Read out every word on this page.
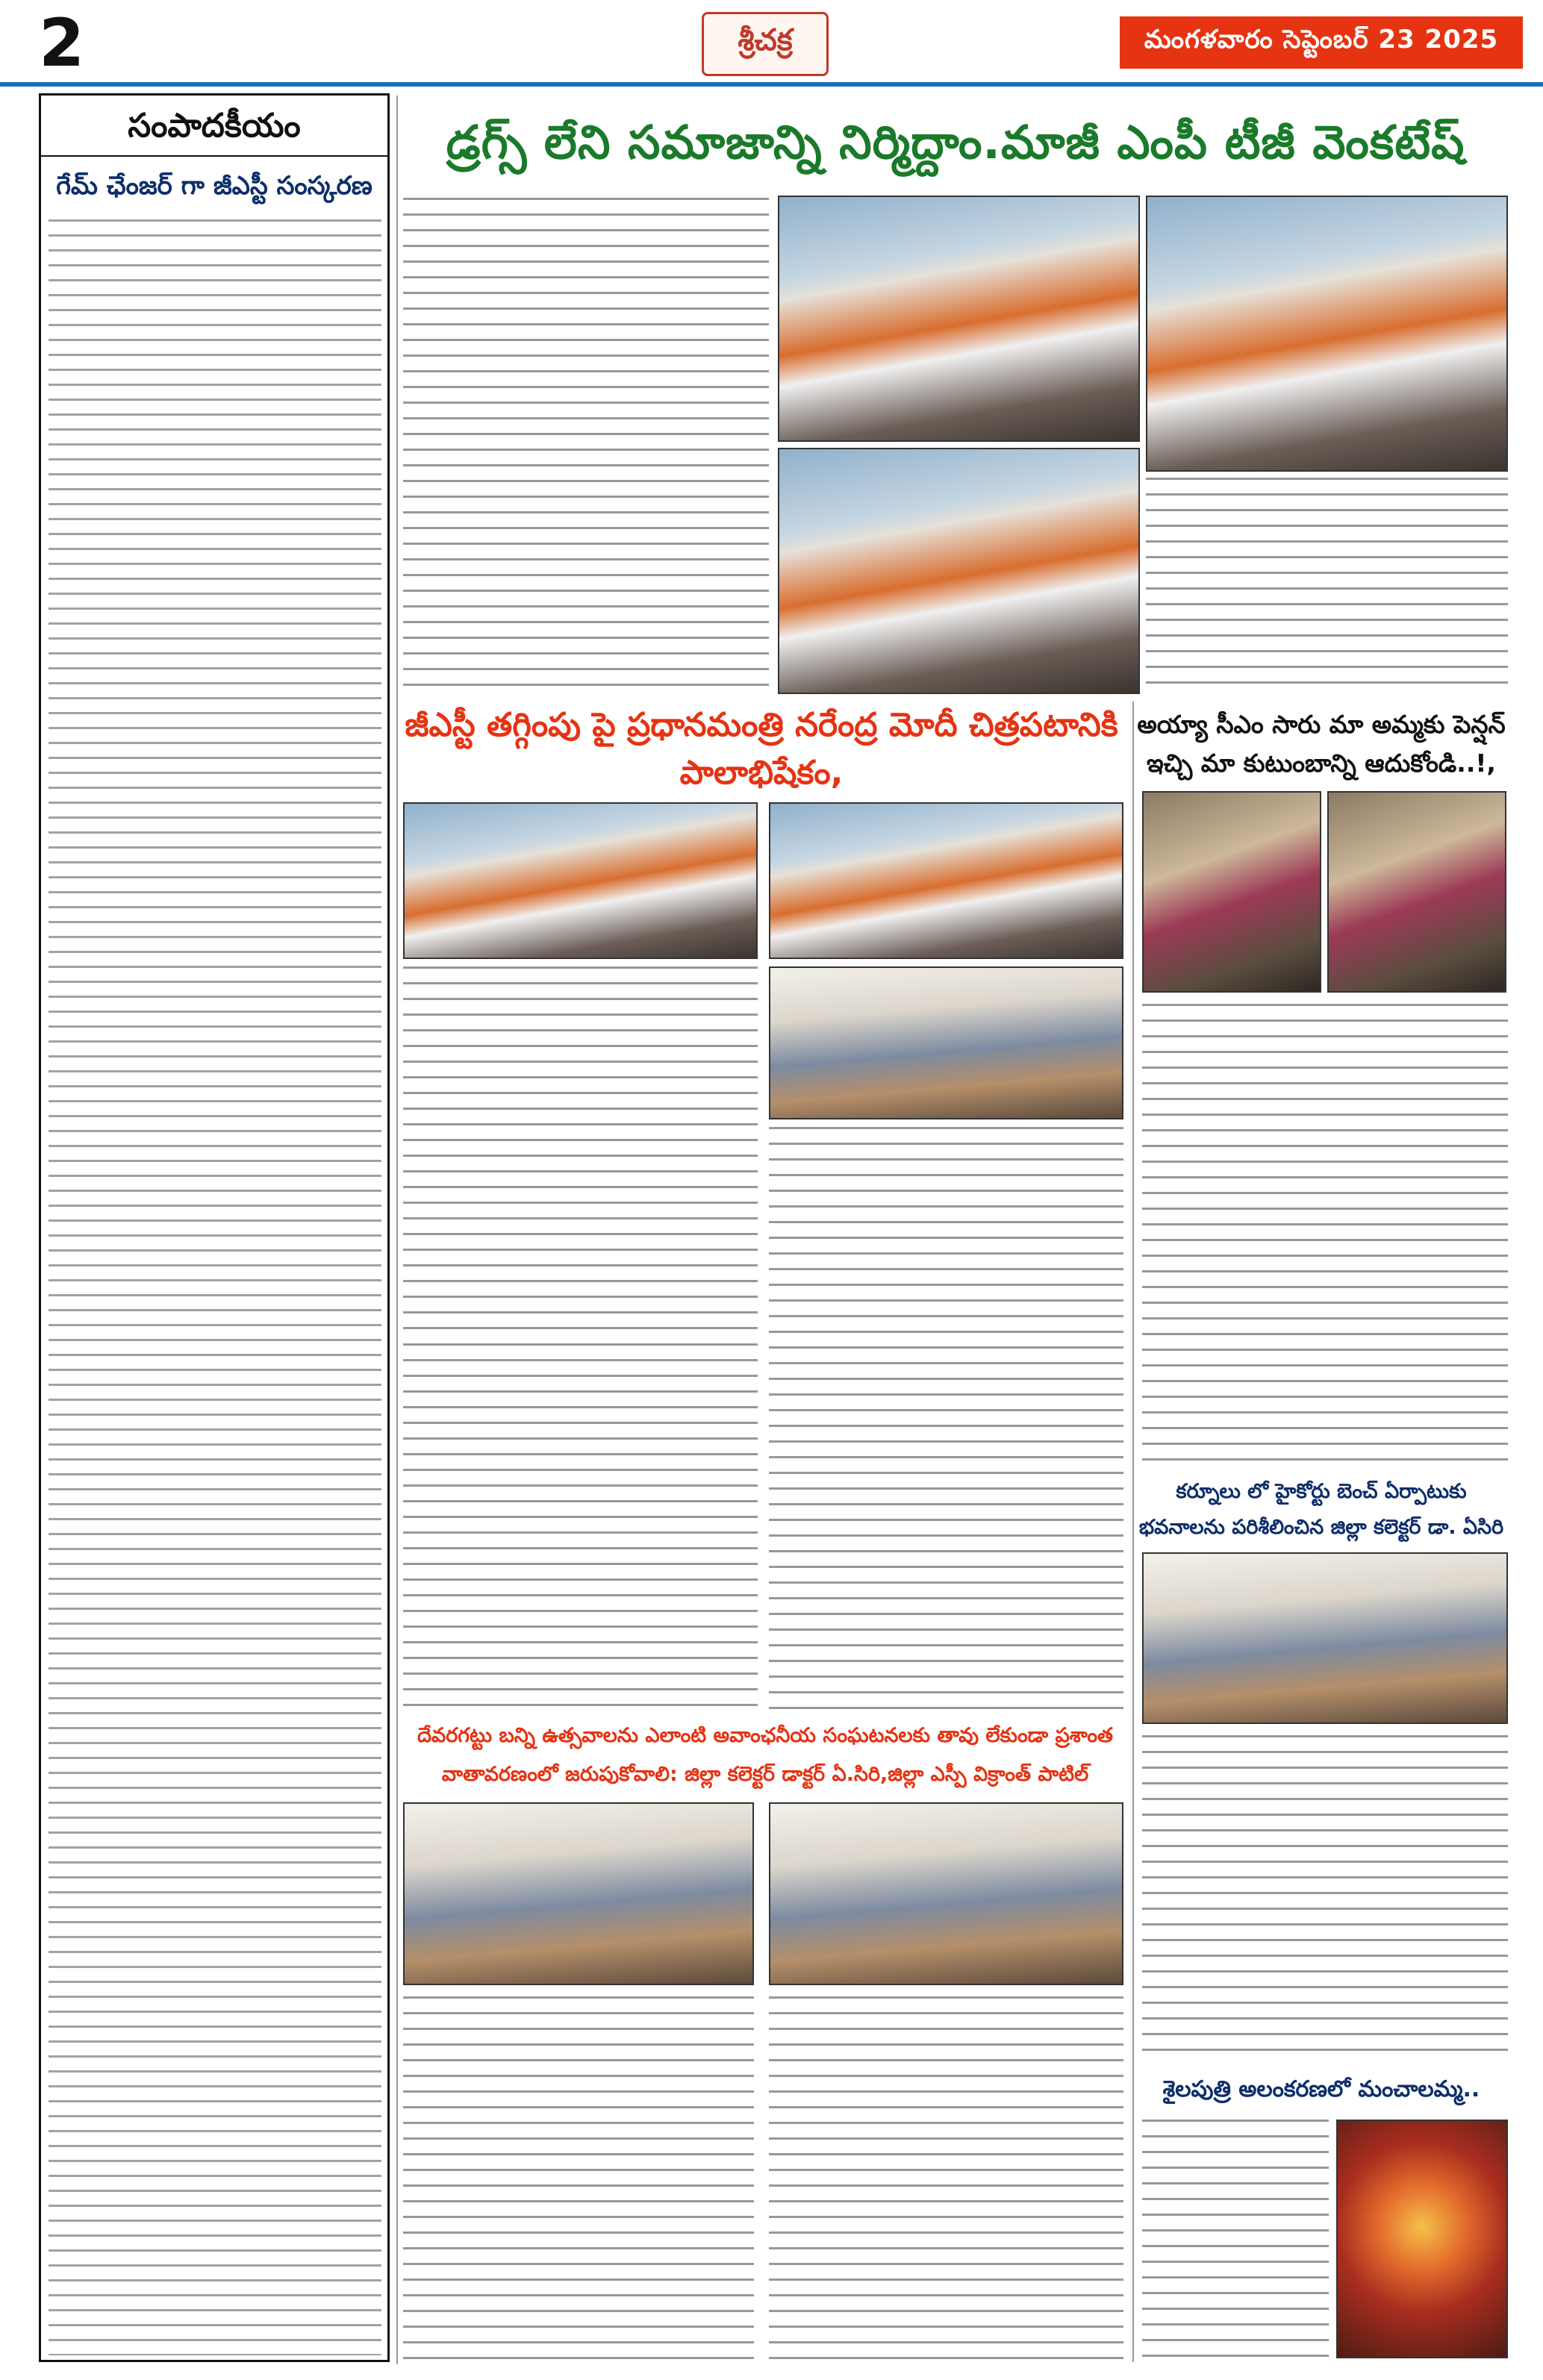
2	శ్రీచక్ర	మంగళవారం సెప్టెంబర్ 23 2025
సంపాదకీయం
గేమ్ ఛేంజర్ గా జీఎస్టీ సంస్కరణ
డ్రగ్స్ లేని సమాజాన్ని నిర్మిద్దాం.మాజీ ఎంపీ టీజీ వెంకటేష్
జీఎస్టీ తగ్గింపు పై ప్రధానమంత్రి నరేంద్ర మోదీ చిత్రపటానికి పాలాభిషేకం,
అయ్యా సీఎం సారు మా అమ్మకు పెన్షన్ ఇచ్చి మా కుటుంబాన్ని ఆదుకోండి..!,
కర్నూలు లో హైకోర్టు బెంచ్ ఏర్పాటుకు భవనాలను పరిశీలించిన జిల్లా కలెక్టర్ డా. ఏసిరి
దేవరగట్టు బన్ని ఉత్సవాలను ఎలాంటి అవాంఛనీయ సంఘటనలకు తావు లేకుండా ప్రశాంత వాతావరణంలో జరుపుకోవాలి: జిల్లా కలెక్టర్ డాక్టర్ ఏ.సిరి,జిల్లా ఎస్పీ విక్రాంత్ పాటిల్
శైలపుత్రి అలంకరణలో మంచాలమ్మ..
